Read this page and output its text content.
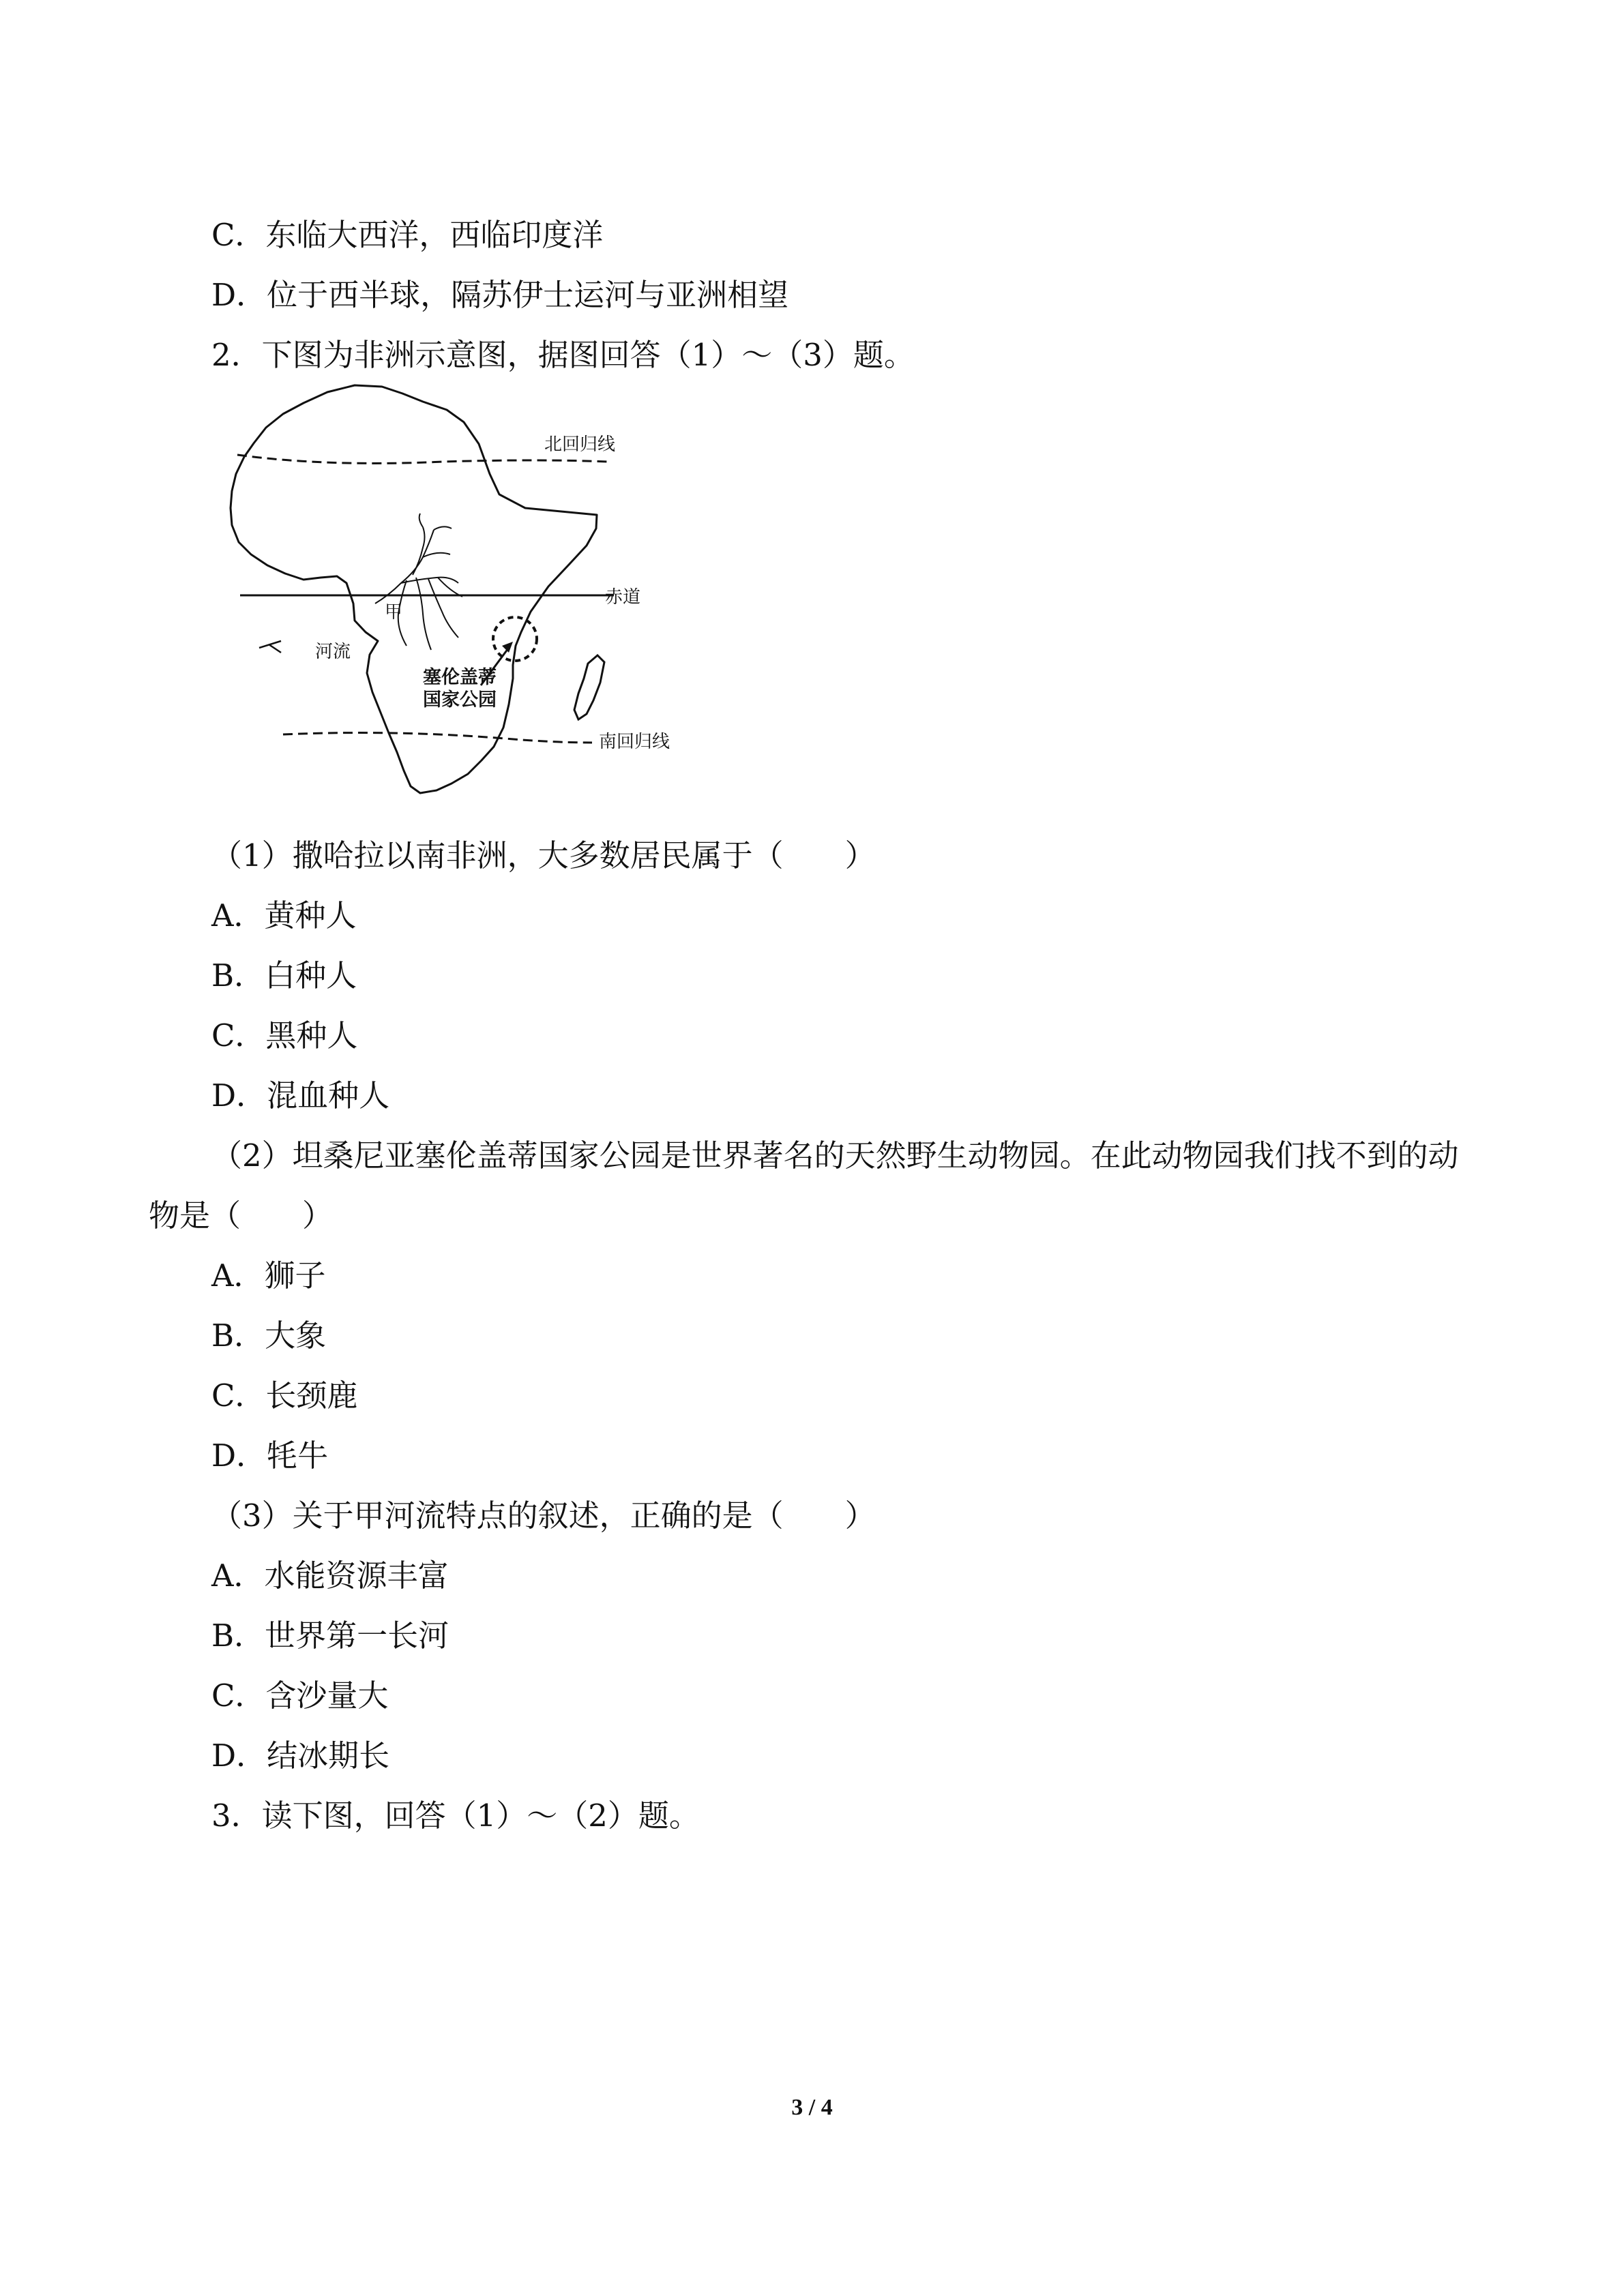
C．东临大西洋，西临印度洋

D．位于西半球，隔苏伊士运河与亚洲相望

2．下图为非洲示意图，据图回答（1）～（3）题。

北回归线
赤道
南回归线
甲
河流
塞伦盖蒂
国家公园

（1）撒哈拉以南非洲，大多数居民属于（　　）

A．黄种人

B．白种人

C．黑种人

D．混血种人

（2）坦桑尼亚塞伦盖蒂国家公园是世界著名的天然野生动物园。在此动物园我们找不到的动物是（　　）

A．狮子

B．大象

C．长颈鹿

D．牦牛

（3）关于甲河流特点的叙述，正确的是（　　）

A．水能资源丰富

B．世界第一长河

C．含沙量大

D．结冰期长

3．读下图，回答（1）～（2）题。

3 / 4
